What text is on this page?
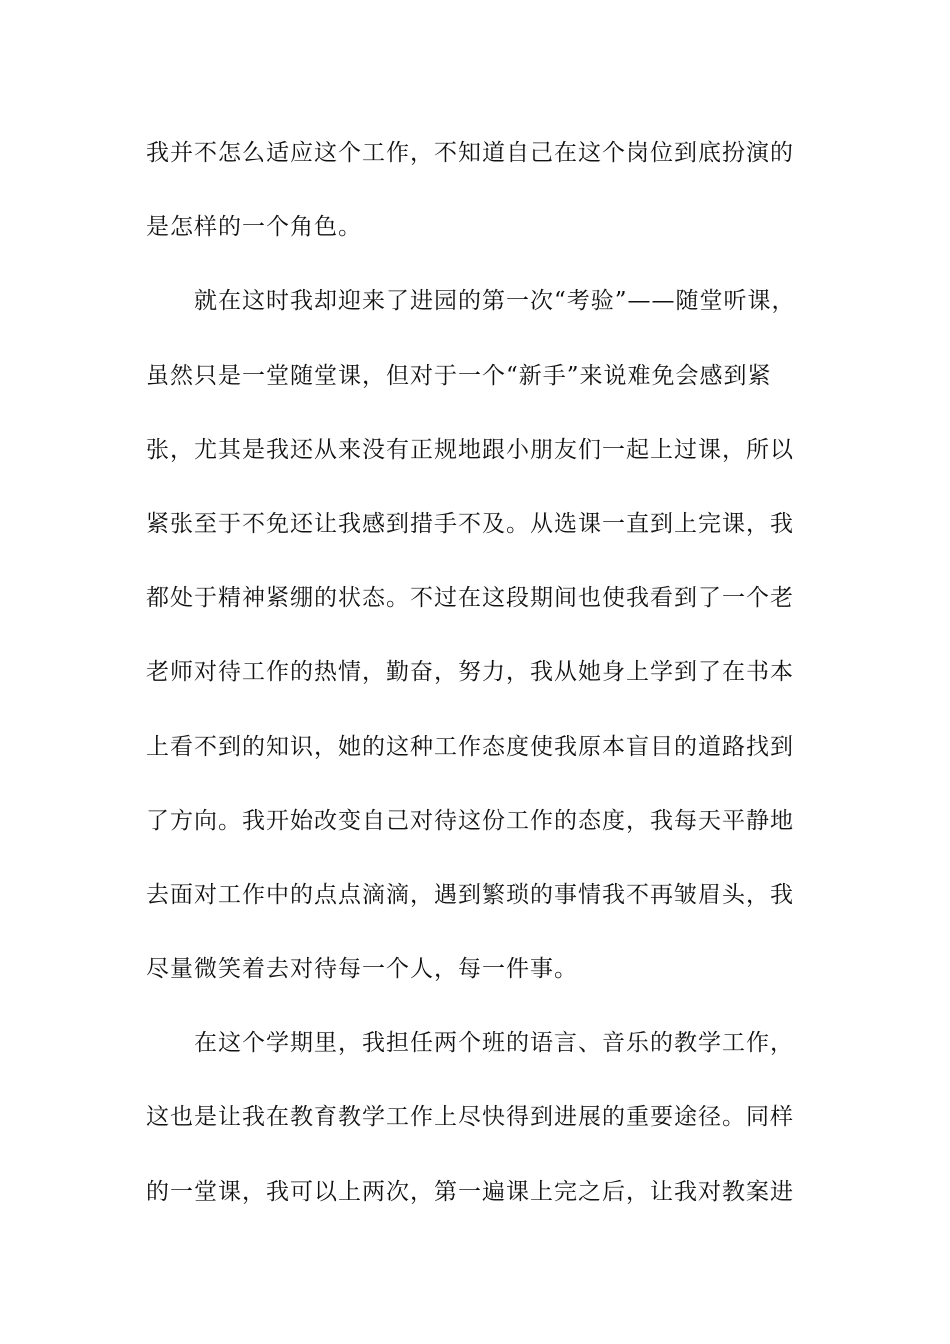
我并不怎么适应这个工作，不知道自己在这个岗位到底扮演的
是怎样的一个角色。
就在这时我却迎来了进园的第一次“考验”——随堂听课，
虽然只是一堂随堂课，但对于一个“新手”来说难免会感到紧
张，尤其是我还从来没有正规地跟小朋友们一起上过课，所以
紧张至于不免还让我感到措手不及。从选课一直到上完课，我
都处于精神紧绷的状态。不过在这段期间也使我看到了一个老
老师对待工作的热情，勤奋，努力，我从她身上学到了在书本
上看不到的知识，她的这种工作态度使我原本盲目的道路找到
了方向。我开始改变自己对待这份工作的态度，我每天平静地
去面对工作中的点点滴滴，遇到繁琐的事情我不再皱眉头，我
尽量微笑着去对待每一个人，每一件事。
在这个学期里，我担任两个班的语言、音乐的教学工作，
这也是让我在教育教学工作上尽快得到进展的重要途径。同样
的一堂课，我可以上两次，第一遍课上完之后，让我对教案进
